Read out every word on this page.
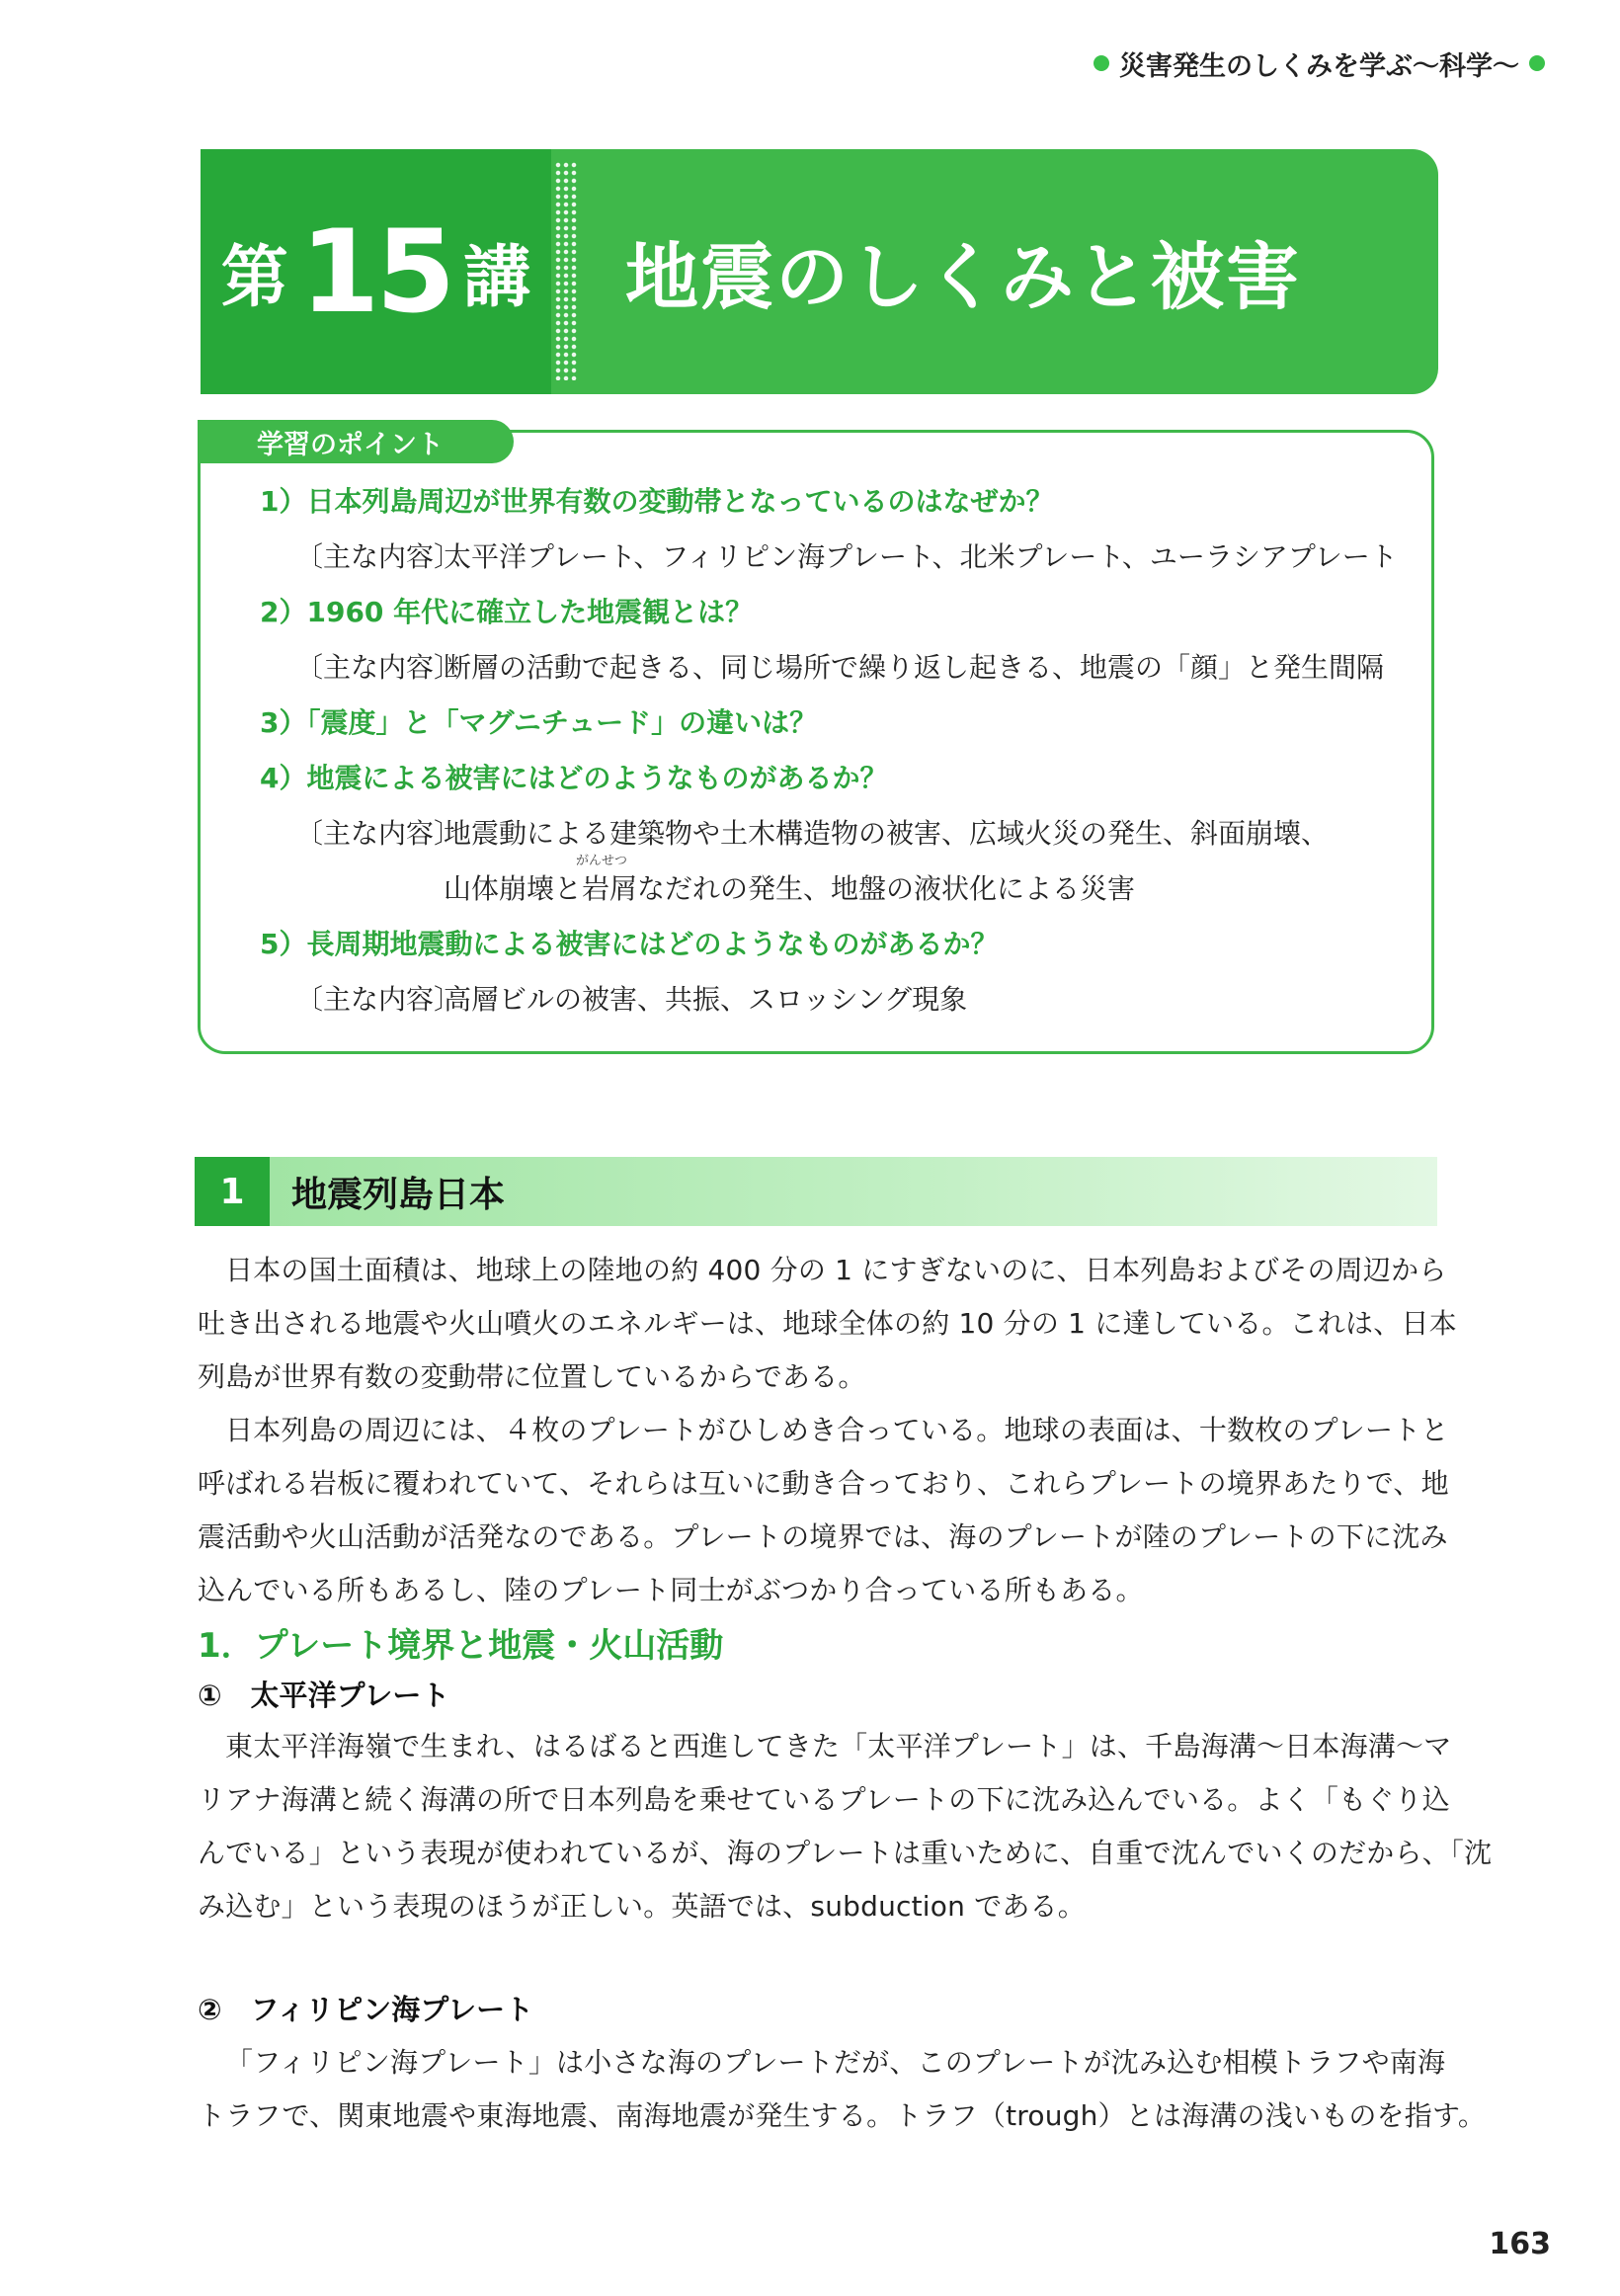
災害発生のしくみを学ぶ〜科学〜
第 15 講 地震のしくみと被害
学習のポイント
1）日本列島周辺が世界有数の変動帯となっているのはなぜか？
〔主な内容〕太平洋プレート、フィリピン海プレート、北米プレート、ユーラシアプレート
2）1960 年代に確立した地震観とは？
〔主な内容〕断層の活動で起きる、同じ場所で繰り返し起きる、地震の「顔」と発生間隔
3）「震度」と「マグニチュード」の違いは？
4）地震による被害にはどのようなものがあるか？
〔主な内容〕地震動による建築物や土木構造物の被害、広域火災の発生、斜面崩壊、
山体崩壊と
がんせつ
岩屑なだれの発生、地盤の液状化による災害
5）長周期地震動による被害にはどのようなものがあるか？
〔主な内容〕高層ビルの被害、共振、スロッシング現象
1	地震列島日本
日本の国土面積は、地球上の陸地の約 400 分の 1 にすぎないのに、日本列島およびその周辺から
吐き出される地震や火山噴火のエネルギーは、地球全体の約 10 分の 1 に達している。これは、日本
列島が世界有数の変動帯に位置しているからである。
日本列島の周辺には、４枚のプレートがひしめき合っている。地球の表面は、十数枚のプレートと
呼ばれる岩板に覆われていて、それらは互いに動き合っており、これらプレートの境界あたりで、地
震活動や火山活動が活発なのである。プレートの境界では、海のプレートが陸のプレートの下に沈み
込んでいる所もあるし、陸のプレート同士がぶつかり合っている所もある。
1．プレート境界と地震・火山活動
①　太平洋プレート
東太平洋海嶺で生まれ、はるばると西進してきた「太平洋プレート」は、千島海溝〜日本海溝〜マ
リアナ海溝と続く海溝の所で日本列島を乗せているプレートの下に沈み込んでいる。よく「もぐり込
んでいる」という表現が使われているが、海のプレートは重いために、自重で沈んでいくのだから、「沈
み込む」という表現のほうが正しい。英語では、subduction である。
②　フィリピン海プレート
「フィリピン海プレート」は小さな海のプレートだが、このプレートが沈み込む相模トラフや南海
トラフで、関東地震や東海地震、南海地震が発生する。トラフ（trough）とは海溝の浅いものを指す。
163
